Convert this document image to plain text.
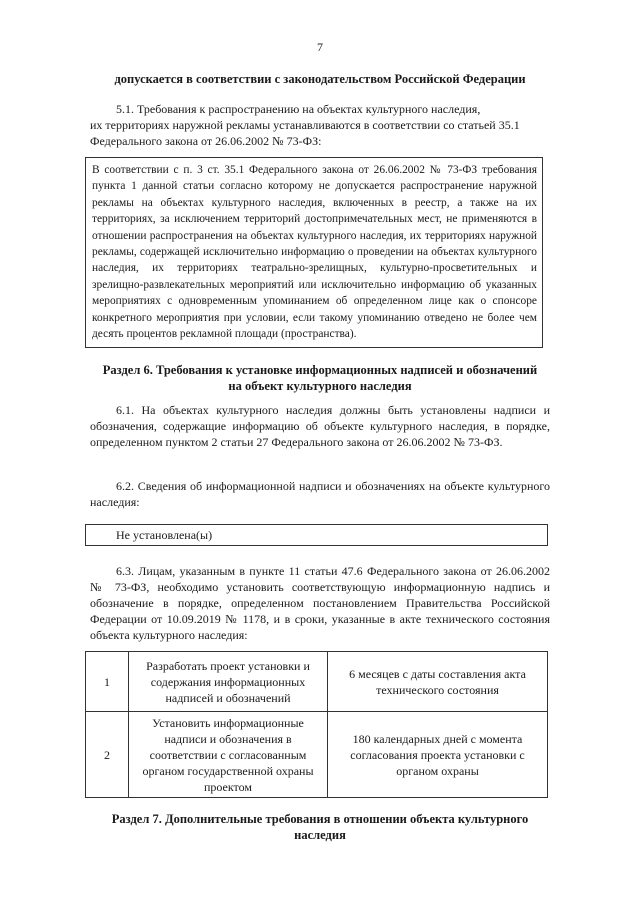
7
допускается в соответствии с законодательством Российской Федерации
5.1. Требования к распространению на объектах культурного наследия,
их территориях наружной рекламы устанавливаются в соответствии со статьей 35.1
Федерального закона от 26.06.2002 № 73-ФЗ:
В соответствии с п. 3 ст. 35.1 Федерального закона от 26.06.2002 № 73-ФЗ требования пункта 1 данной статьи согласно которому не допускается распространение наружной рекламы на объектах культурного наследия, включенных в реестр, а также на их территориях, за исключением территорий достопримечательных мест, не применяются в отношении распространения на объектах культурного наследия, их территориях наружной рекламы, содержащей исключительно информацию о проведении на объектах культурного наследия, их территориях театрально-зрелищных, культурно-просветительных и зрелищно-развлекательных мероприятий или исключительно информацию об указанных мероприятиях с одновременным упоминанием об определенном лице как о спонсоре конкретного мероприятия при условии, если такому упоминанию отведено не более чем десять процентов рекламной площади (пространства).
Раздел 6. Требования к установке информационных надписей и обозначений
на объект культурного наследия
6.1. На объектах культурного наследия должны быть установлены надписи и обозначения, содержащие информацию об объекте культурного наследия, в порядке, определенном пунктом 2 статьи 27 Федерального закона от 26.06.2002 № 73-ФЗ.
6.2. Сведения об информационной надписи и обозначениях на объекте культурного наследия:
Не установлена(ы)
6.3. Лицам, указанным в пункте 11 статьи 47.6 Федерального закона от 26.06.2002 № 73-ФЗ, необходимо установить соответствующую информационную надпись и обозначение в порядке, определенном постановлением Правительства Российской Федерации от 10.09.2019 № 1178, и в сроки, указанные в акте технического состояния объекта культурного наследия:
1	Разработать проект установки и содержания информационных надписей и обозначений	6 месяцев с даты составления акта технического состояния
2	Установить информационные надписи и обозначения в соответствии с согласованным органом государственной охраны проектом	180 календарных дней с момента согласования проекта установки с органом охраны
Раздел 7. Дополнительные требования в отношении объекта культурного
наследия
